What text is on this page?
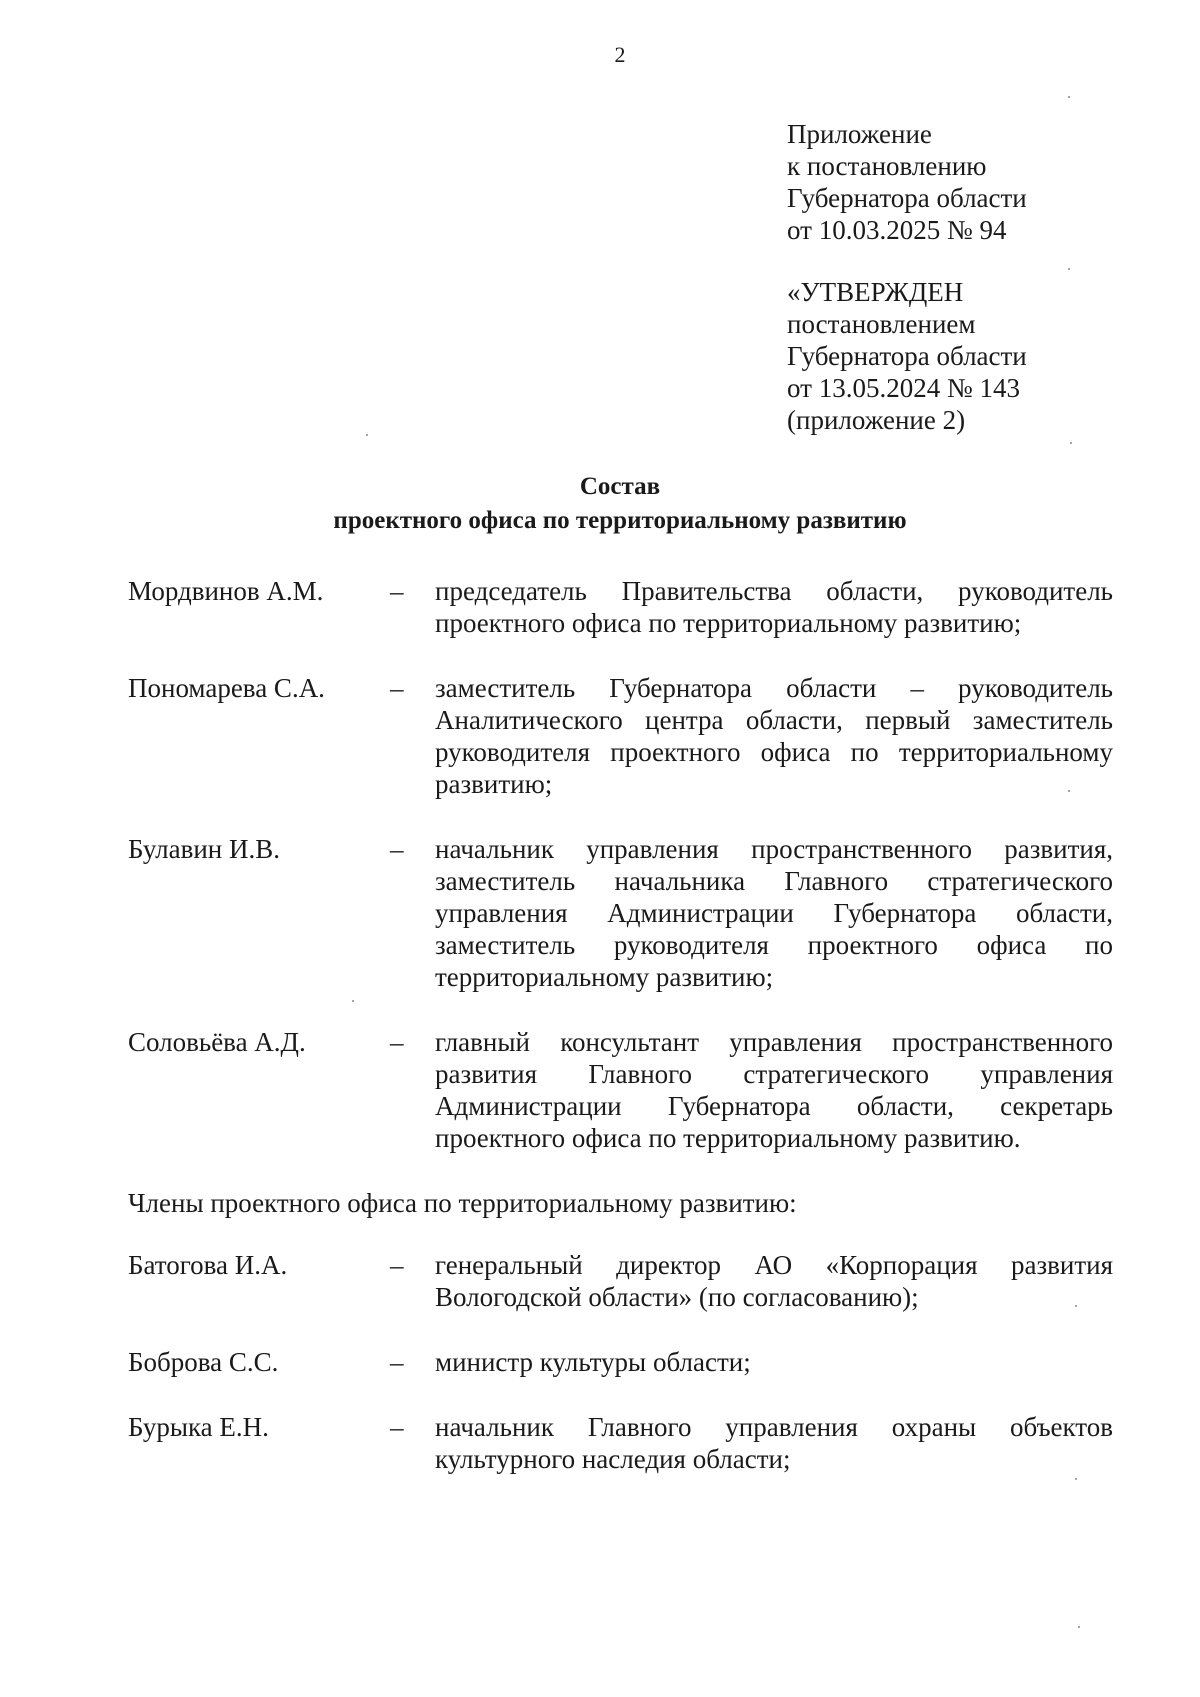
2
Приложение
к постановлению
Губернатора области
от 10.03.2025 № 94
«УТВЕРЖДЕН
постановлением
Губернатора области
от 13.05.2024 № 143
(приложение 2)
Состав
проектного офиса по территориальному развитию
Мордвинов А.М.	–	председатель Правительства области, руководитель проектного офиса по территориальному развитию;
Пономарева С.А.	–	заместитель Губернатора области – руководитель Аналитического центра области, первый заместитель руководителя проектного офиса по территориальному развитию;
Булавин И.В.	–	начальник управления пространственного развития, заместитель начальника Главного стратегического управления Администрации Губернатора области, заместитель руководителя проектного офиса по территориальному развитию;
Соловьёва А.Д.	–	главный консультант управления пространственного развития Главного стратегического управления Администрации Губернатора области, секретарь проектного офиса по территориальному развитию.
Члены проектного офиса по территориальному развитию:
Батогова И.А.	–	генеральный директор АО «Корпорация развития Вологодской области» (по согласованию);
Боброва С.С.	–	министр культуры области;
Бурыка Е.Н.	–	начальник Главного управления охраны объектов культурного наследия области;
